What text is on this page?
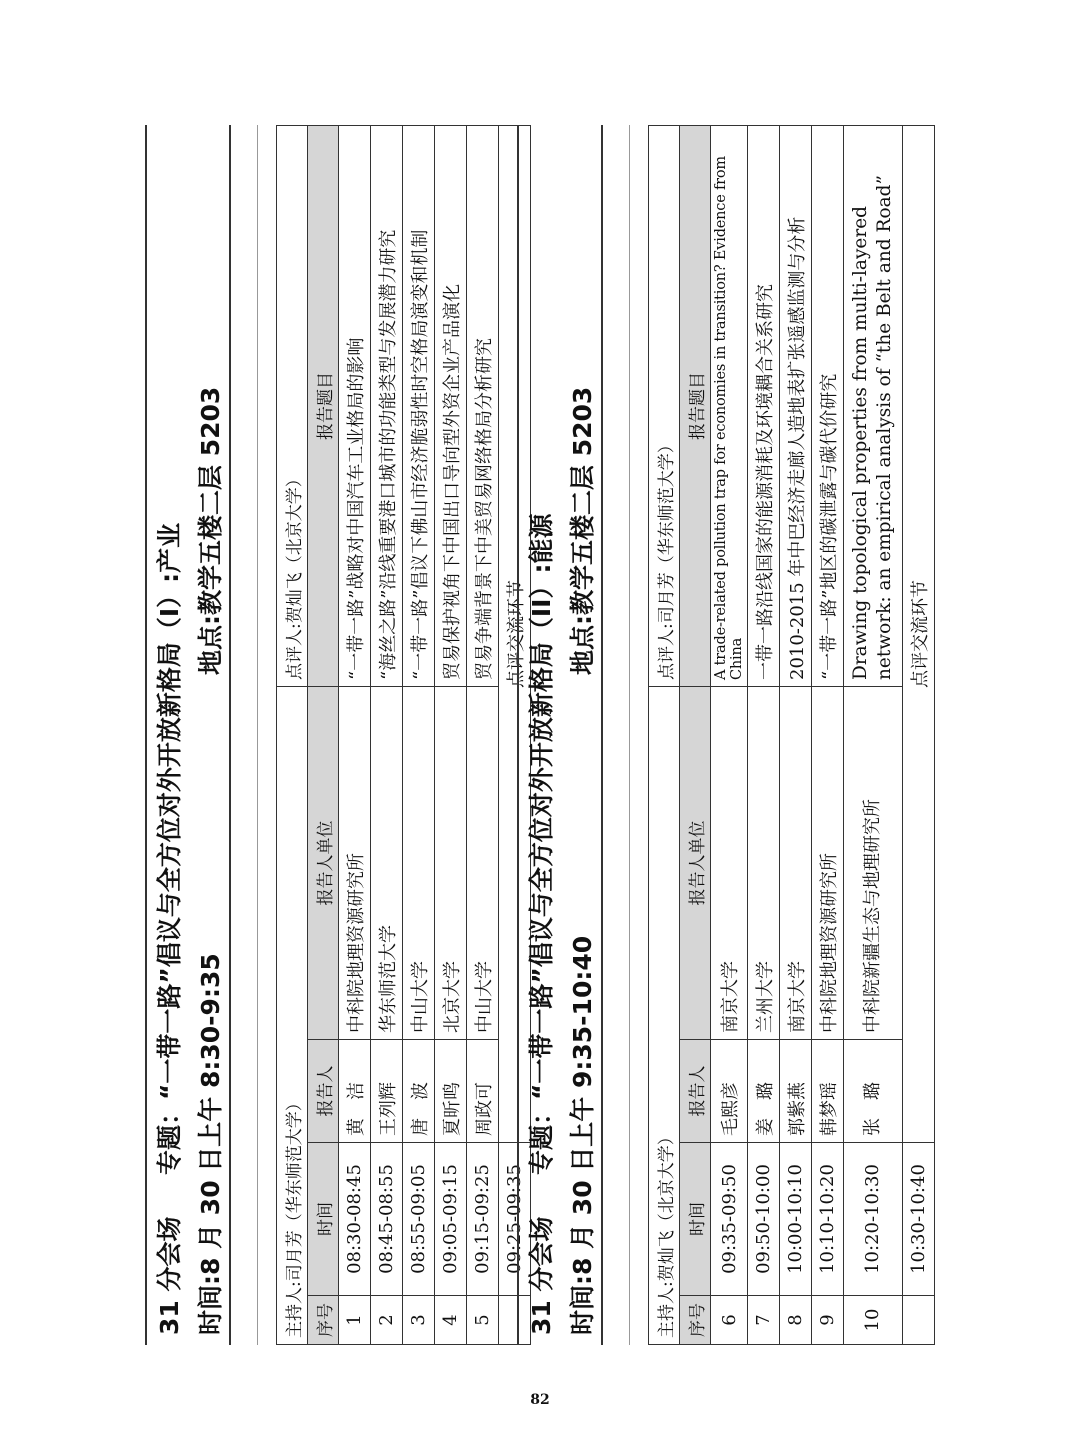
31 分会场
专题：“一带一路”倡议与全方位对外开放新格局（I）:产业 时间:8 月 30 日上午 8:30-9:35
地点:教学五楼二层 5203
主持人:司月芳（华东师范大学）				点评人:贺灿飞（北京大学）
序号	时间	报告人	报告人单位	报告题目
1	08:30-08:45	黄　洁	中科院地理资源研究所	“一带一路”战略对中国汽车工业格局的影响
2	08:45-08:55	王列辉	华东师范大学	“海丝之路”沿线重要港口城市的功能类型与发展潜力研究
3	08:55-09:05	唐　波	中山大学	“一带一路”倡议下佛山市经济脆弱性时空格局演变和机制
4	09:05-09:15	夏昕鸣	北京大学	贸易保护视角下中国出口导向型外资企业产品演化
5	09:15-09:25	周政可	中山大学	贸易争端背景下中美贸易网络格局分析研究
	09:25-09:35	点评交流环节		
31 分会场
专题：“一带一路”倡议与全方位对外开放新格局（II）:能源 时间:8 月 30 日上午 9:35-10:40
地点:教学五楼二层 5203
主持人:贺灿飞（北京大学）				点评人:司月芳（华东师范大学）
序号	时间	报告人	报告人单位	报告题目
6	09:35-09:50	毛熙彦	南京大学	A trade-related pollution trap for economies in transition? Evidence from China
7	09:50-10:00	姜　璐	兰州大学	一带一路沿线国家的能源消耗及环境耦合关系研究
8	10:00-10:10	郭紫燕	南京大学	2010-2015 年中巴经济走廊人造地表扩张遥感监测与分析
9	10:10-10:20	韩梦瑶	中科院地理资源研究所	“一带一路”地区的碳泄露与碳代价研究
10	10:20-10:30	张　璐	中科院新疆生态与地理研究所	Drawing topological properties from multi-layered network: an empirical analysis of “the Belt and Road”
	10:30-10:40	点评交流环节		
82
